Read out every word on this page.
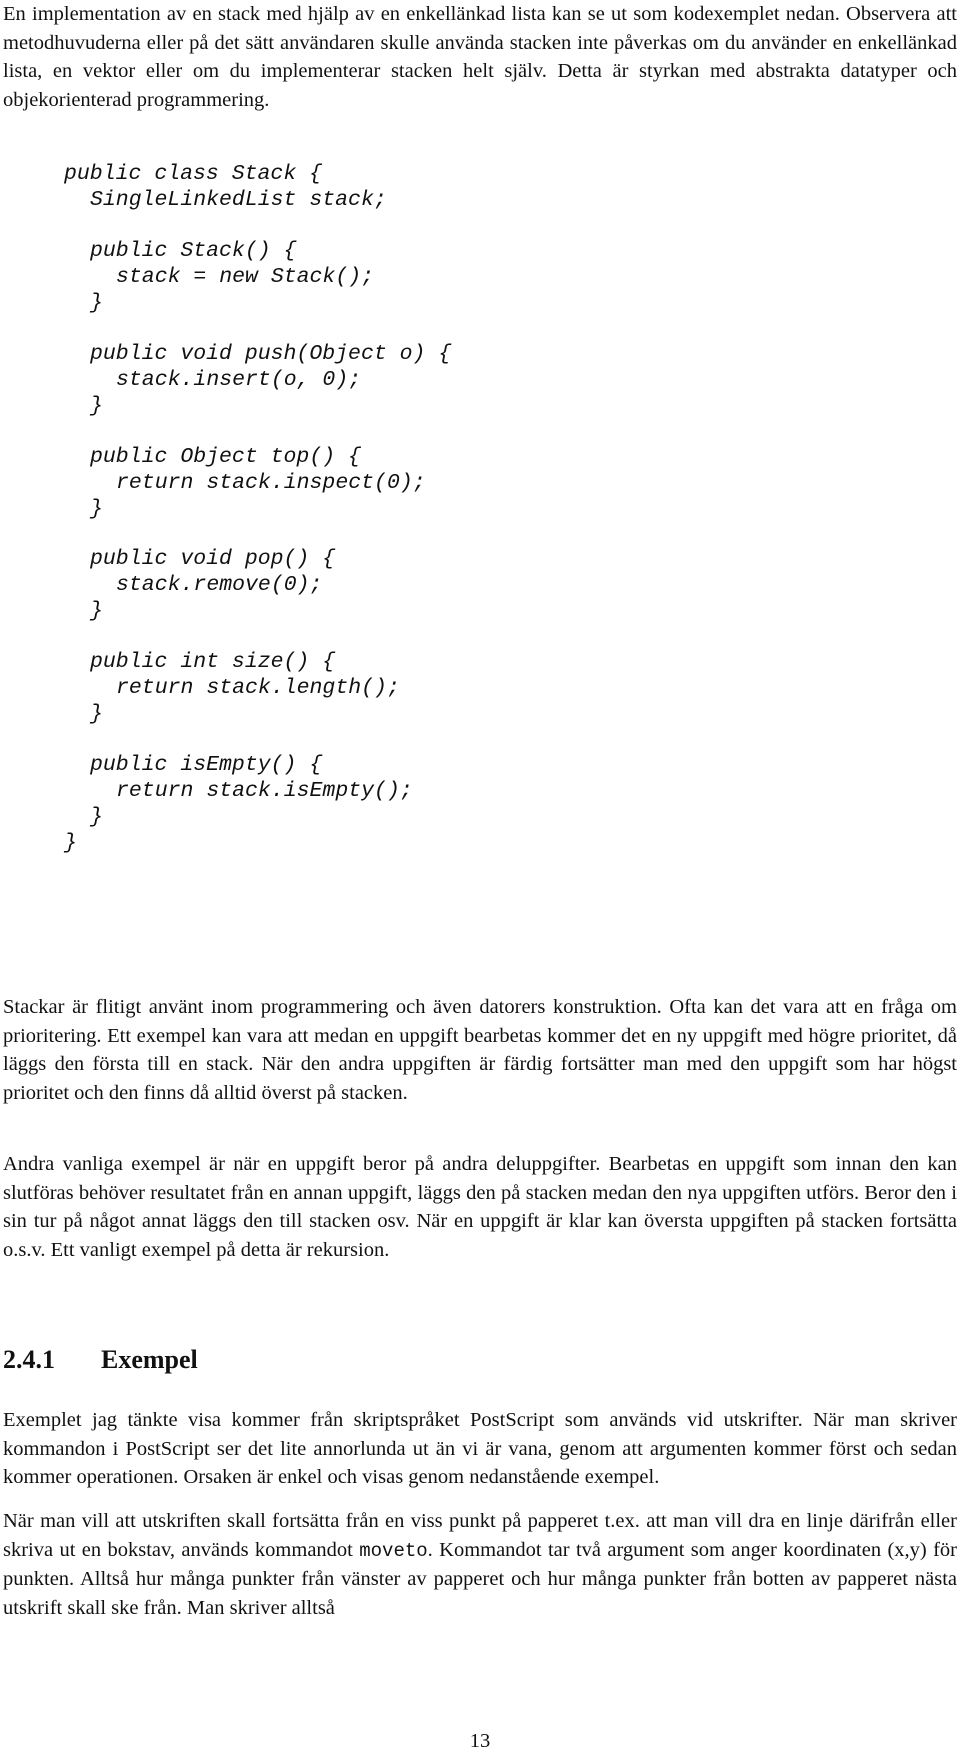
En implementation av en stack med hjälp av en enkellänkad lista kan se ut som kodexemplet nedan. Observera att metodhuvuderna eller på det sätt användaren skulle använda stacken inte påverkas om du använder en enkellänkad lista, en vektor eller om du implementerar stacken helt själv. Detta är styrkan med abstrakta datatyper och objekorienterad programmering.

public class Stack {
SingleLinkedList stack;
public Stack() {
stack = new Stack();
}
public void push(Object o) {
stack.insert(o, 0);
}
public Object top() {
return stack.inspect(0);
}
public void pop() {
stack.remove(0);
}
public int size() {
return stack.length();
}
public isEmpty() {
return stack.isEmpty();
}
}

Stackar är flitigt använt inom programmering och även datorers konstruktion. Ofta kan det vara att en fråga om prioritering. Ett exempel kan vara att medan en uppgift bearbetas kommer det en ny uppgift med högre prioritet, då läggs den första till en stack. När den andra uppgiften är färdig fortsätter man med den uppgift som har högst prioritet och den finns då alltid överst på stacken.

Andra vanliga exempel är när en uppgift beror på andra deluppgifter. Bearbetas en uppgift som innan den kan slutföras behöver resultatet från en annan uppgift, läggs den på stacken medan den nya uppgiften utförs. Beror den i sin tur på något annat läggs den till stacken osv. När en uppgift är klar kan översta uppgiften på stacken fortsätta o.s.v. Ett vanligt exempel på detta är rekursion.

2.4.1 Exempel

Exemplet jag tänkte visa kommer från skriptspråket PostScript som används vid utskrifter. När man skriver kommandon i PostScript ser det lite annorlunda ut än vi är vana, genom att argumenten kommer först och sedan kommer operationen. Orsaken är enkel och visas genom nedanstående exempel.

När man vill att utskriften skall fortsätta från en viss punkt på papperet t.ex. att man vill dra en linje därifrån eller skriva ut en bokstav, används kommandot moveto. Kommandot tar två argument som anger koordinaten (x,y) för punkten. Alltså hur många punkter från vänster av papperet och hur många punkter från botten av papperet nästa utskrift skall ske från. Man skriver alltså

13
